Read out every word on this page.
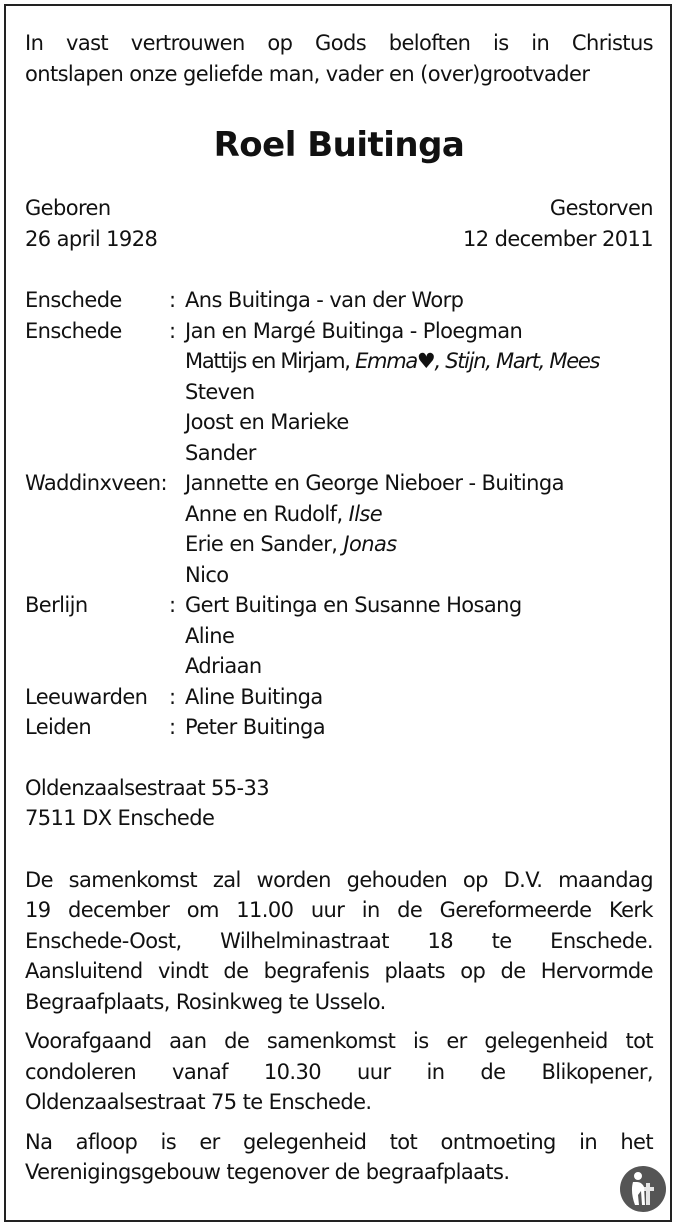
In vast vertrouwen op Gods beloften is in Christus
ontslapen onze geliefde man, vader en (over)grootvader
Roel Buitinga
Geboren
26 april 1928
Gestorven
12 december 2011
Enschede	: Ans Buitinga - van der Worp
Enschede	: Jan en Margé Buitinga - Ploegman
Mattijs en Mirjam, Emma♥, Stijn, Mart, Mees
Steven
Joost en Marieke
Sander
Waddinxveen: Jannette en George Nieboer - Buitinga
Anne en Rudolf, Ilse
Erie en Sander, Jonas
Nico
Berlijn	: Gert Buitinga en Susanne Hosang
Aline
Adriaan
Leeuwarden	: Aline Buitinga
Leiden	: Peter Buitinga
Oldenzaalsestraat 55-33
7511 DX Enschede
De samenkomst zal worden gehouden op D.V. maandag
19 december om 11.00 uur in de Gereformeerde Kerk
Enschede-Oost, Wilhelminastraat 18 te Enschede.
Aansluitend vindt de begrafenis plaats op de Hervormde
Begraafplaats, Rosinkweg te Usselo.
Voorafgaand aan de samenkomst is er gelegenheid tot
condoleren vanaf 10.30 uur in de Blikopener,
Oldenzaalsestraat 75 te Enschede.
Na afloop is er gelegenheid tot ontmoeting in het
Verenigingsgebouw tegenover de begraafplaats.
